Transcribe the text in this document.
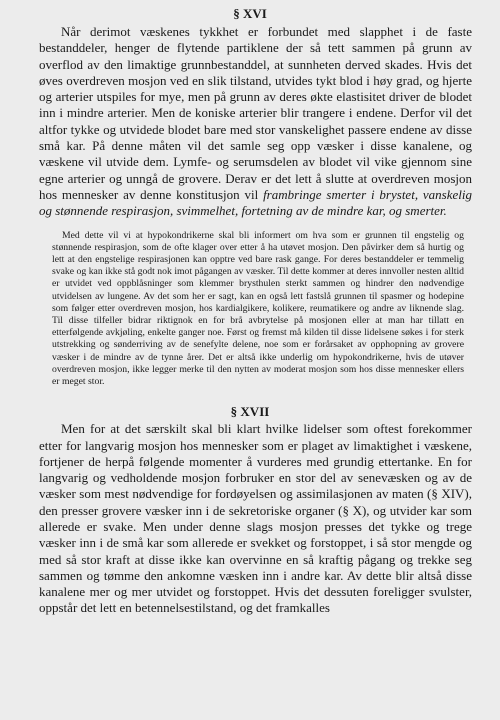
§ XVI

Når derimot væskenes tykkhet er forbundet med slapphet i de faste bestanddeler, henger de flytende partiklene der så tett sammen på grunn av overflod av den limaktige grunnbestanddel, at sunnheten derved skades. Hvis det øves overdreven mosjon ved en slik tilstand, utvides tykt blod i høy grad, og hjerte og arterier utspiles for mye, men på grunn av deres økte elastisitet driver de blodet inn i mindre arterier. Men de koniske arterier blir trangere i endene. Derfor vil det altfor tykke og utvidede blodet bare med stor vanskelighet passere endene av disse små kar. På denne måten vil det samle seg opp væsker i disse kanalene, og væskene vil utvide dem. Lymfe- og serumsdelen av blodet vil vike gjennom sine egne arterier og unngå de grovere. Derav er det lett å slutte at overdreven mosjon hos mennesker av denne konstitusjon vil frambringe smerter i brystet, vanskelig og stønnende respirasjon, svimmelhet, fortetning av de mindre kar, og smerter.

Med dette vil vi at hypokondrikerne skal bli informert om hva som er grunnen til engstelig og stønnende respirasjon, som de ofte klager over etter å ha utøvet mosjon. Den påvirker dem så hurtig og lett at den engstelige respirasjonen kan opptre ved bare rask gange. For deres bestanddeler er temmelig svake og kan ikke stå godt nok imot pågangen av væsker. Til dette kommer at deres innvoller nesten alltid er utvidet ved oppblåsninger som klemmer brysthulen sterkt sammen og hindrer den nødvendige utvidelsen av lungene. Av det som her er sagt, kan en også lett fastslå grunnen til spasmer og hodepine som følger etter overdreven mosjon, hos kardialgikere, kolikere, reumatikere og andre av liknende slag. Til disse tilfeller bidrar riktignok en for brå avbrytelse på mosjonen eller at man har tillatt en etterfølgende avkjøling, enkelte ganger noe. Først og fremst må kilden til disse lidelsene søkes i for sterk utstrekking og sønderriving av de senefylte delene, noe som er forårsaket av opphopning av grovere væsker i de mindre av de tynne årer. Det er altså ikke underlig om hypokondrikerne, hvis de utøver overdreven mosjon, ikke legger merke til den nytten av moderat mosjon som hos disse mennesker ellers er meget stor.

§ XVII

Men for at det særskilt skal bli klart hvilke lidelser som oftest forekommer etter for langvarig mosjon hos mennesker som er plaget av limaktighet i væskene, fortjener de herpå følgende momenter å vurderes med grundig ettertanke. En for langvarig og vedholdende mosjon forbruker en stor del av senevæsken og av de væsker som mest nødvendige for fordøyelsen og assimilasjonen av maten (§ XIV), den presser grovere væsker inn i de sekretoriske organer (§ X), og utvider kar som allerede er svake. Men under denne slags mosjon presses det tykke og trege væsker inn i de små kar som allerede er svekket og forstoppet, i så stor mengde og med så stor kraft at disse ikke kan overvinne en så kraftig pågang og trekke seg sammen og tømme den ankomne væsken inn i andre kar. Av dette blir altså disse kanalene mer og mer utvidet og forstoppet. Hvis det dessuten foreligger svulster, oppstår det lett en betennelsestilstand, og det framkalles
